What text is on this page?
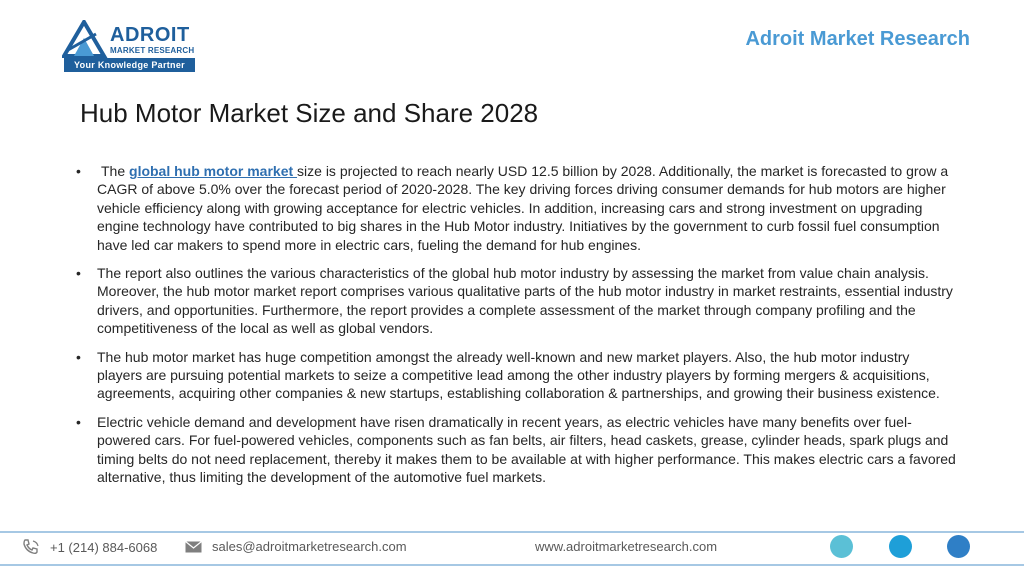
ADROIT
MARKET RESEARCH
Your Knowledge Partner
Adroit Market Research
Hub Motor Market Size and Share 2028
• The global hub motor market size is projected to reach nearly USD 12.5 billion by 2028. Additionally, the market is forecasted to grow a CAGR of above 5.0% over the forecast period of 2020-2028. The key driving forces driving consumer demands for hub motors are higher vehicle efficiency along with growing acceptance for electric vehicles. In addition, increasing cars and strong investment on upgrading engine technology have contributed to big shares in the Hub Motor industry. Initiatives by the government to curb fossil fuel consumption have led car makers to spend more in electric cars, fueling the demand for hub engines.
• The report also outlines the various characteristics of the global hub motor industry by assessing the market from value chain analysis. Moreover, the hub motor market report comprises various qualitative parts of the hub motor industry in market restraints, essential industry drivers, and opportunities. Furthermore, the report provides a complete assessment of the market through company profiling and the competitiveness of the local as well as global vendors.
• The hub motor market has huge competition amongst the already well-known and new market players. Also, the hub motor industry players are pursuing potential markets to seize a competitive lead among the other industry players by forming mergers & acquisitions, agreements, acquiring other companies & new startups, establishing collaboration & partnerships, and growing their business existence.
• Electric vehicle demand and development have risen dramatically in recent years, as electric vehicles have many benefits over fuel-powered cars. For fuel-powered vehicles, components such as fan belts, air filters, head caskets, grease, cylinder heads, spark plugs and timing belts do not need replacement, thereby it makes them to be available at with higher performance. This makes electric cars a favored alternative, thus limiting the development of the automotive fuel markets.
+1 (214) 884-6068	sales@adroitmarketresearch.com	www.adroitmarketresearch.com
